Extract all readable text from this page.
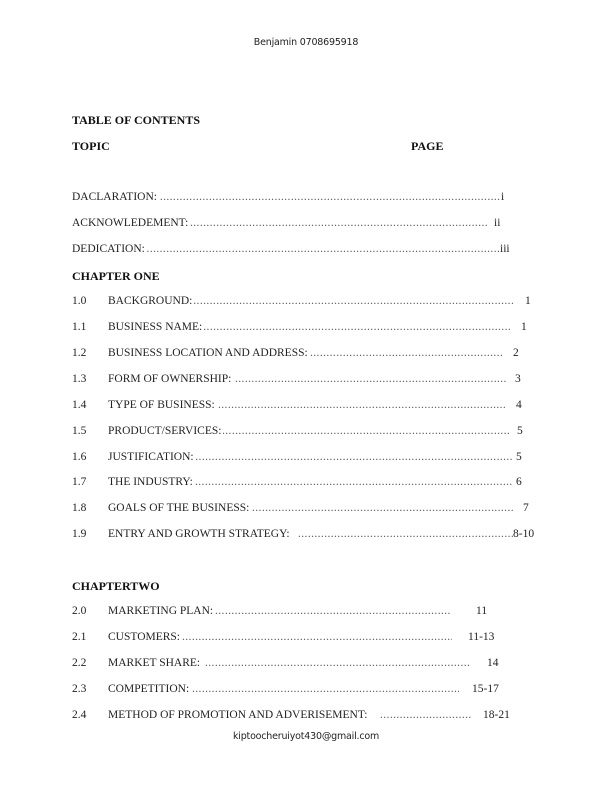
Benjamin 0708695918
TABLE OF CONTENTS
TOPIC	PAGE
.....
DACLARATION:	i
.....
ACKNOWLEDEMENT:	ii
.....
DEDICATION:	iii
CHAPTER ONE
1.0 ..... BACKGROUND:	1
1.1 ..... BUSINESS NAME:	1
1.2 ..... BUSINESS LOCATION AND ADDRESS:	2
1.3 ..... FORM OF OWNERSHIP:	3
1.4 ..... TYPE OF BUSINESS:	4
1.5 ..... PRODUCT/SERVICES:	5
1.6 ..... JUSTIFICATION:	5
1.7 ..... THE INDUSTRY:	6
1.8 ..... GOALS OF THE BUSINESS:	7
1.9 ..... ENTRY AND GROWTH STRATEGY:	8-10
CHAPTERTWO
2.0 ..... MARKETING PLAN:	11
2.1 ..... CUSTOMERS:	11-13
2.2 ..... MARKET SHARE:	14
2.3 ..... COMPETITION:	15-17
2.4 ..... METHOD OF PROMOTION AND ADVERISEMENT:	18-21
kiptoocheruiyot430@gmail.com
